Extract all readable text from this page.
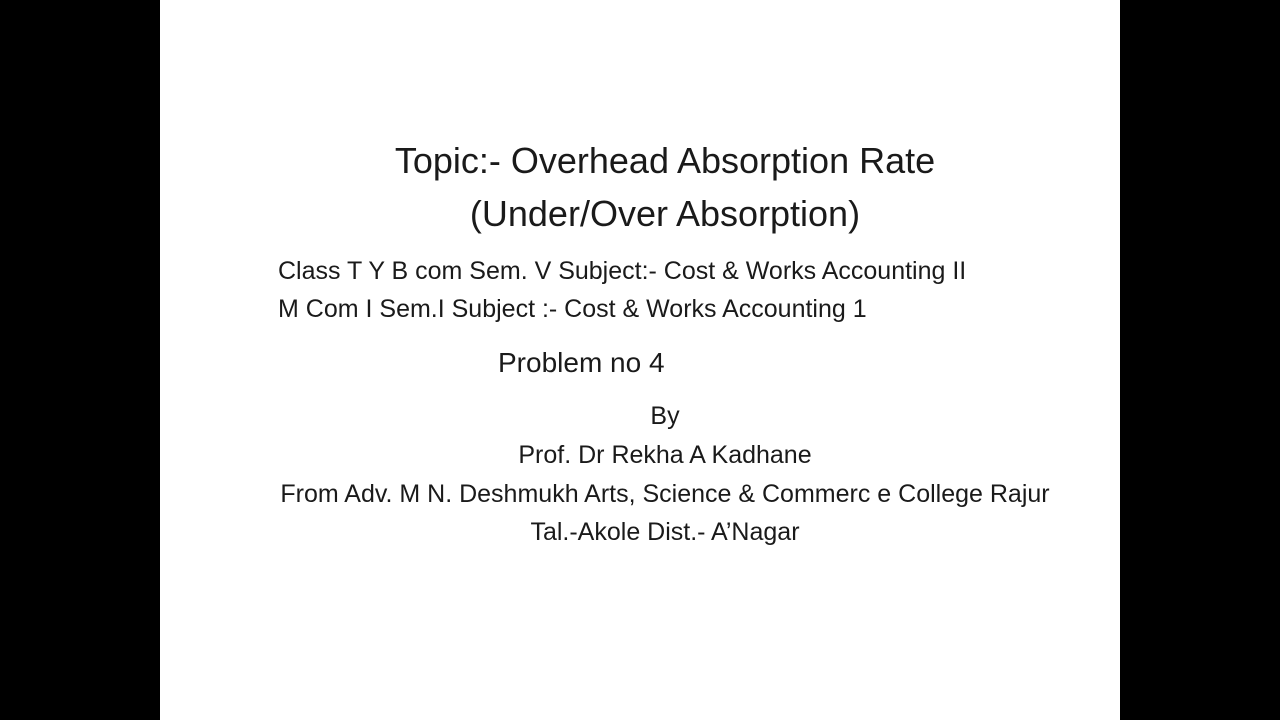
Topic:- Overhead Absorption Rate
(Under/Over Absorption)
Class T Y B com Sem. V Subject:- Cost & Works Accounting II
M Com I Sem.I Subject :- Cost & Works Accounting 1
Problem no 4
By
Prof. Dr Rekha A Kadhane
From Adv. M N. Deshmukh Arts, Science & Commerc e College Rajur
Tal.-Akole Dist.- A’Nagar
